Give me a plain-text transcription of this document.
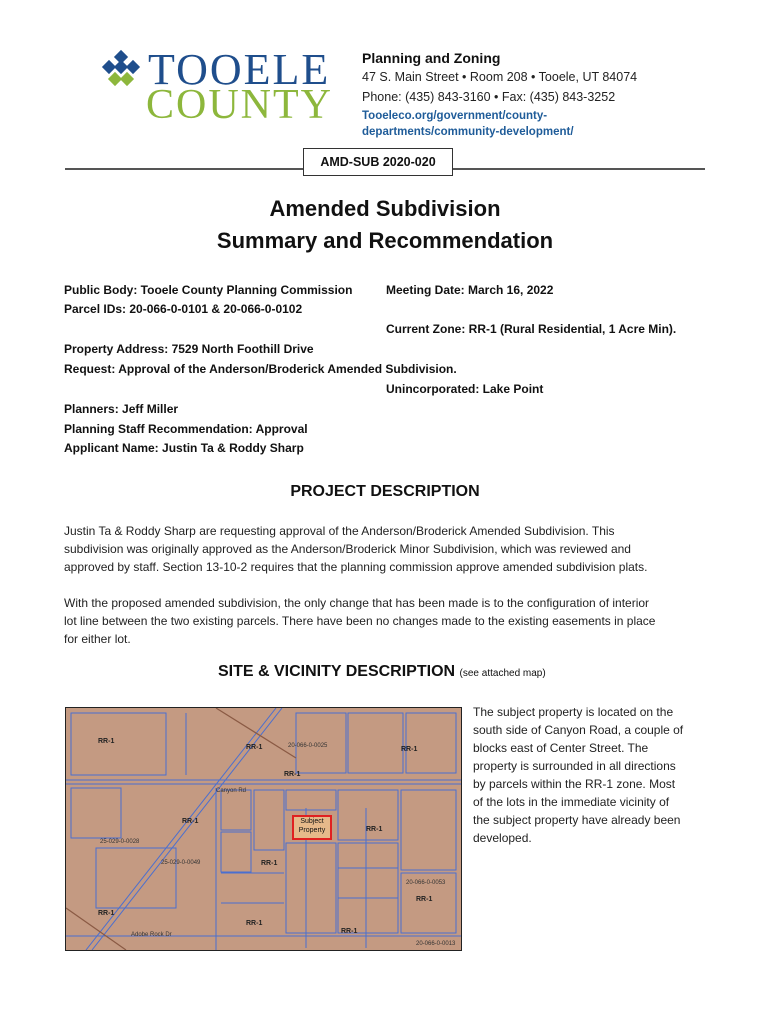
TOOELE
COUNTY
Planning and Zoning
47 S. Main Street • Room 208 • Tooele, UT 84074
Phone: (435) 843-3160 • Fax: (435) 843-3252
Tooeleco.org/government/county-
departments/community-development/
AMD-SUB 2020-020
Amended Subdivision
Summary and Recommendation
Public Body: Tooele County Planning Commission	Meeting Date: March 16, 2022
Parcel IDs: 20-066-0-0101 & 20-066-0-0102
Current Zone: RR-1 (Rural Residential, 1 Acre Min).
Property Address: 7529 North Foothill Drive
Request: Approval of the Anderson/Broderick Amended Subdivision.
Unincorporated: Lake Point
Planners: Jeff Miller
Planning Staff Recommendation: Approval
Applicant Name: Justin Ta & Roddy Sharp
PROJECT DESCRIPTION
Justin Ta & Roddy Sharp are requesting approval of the Anderson/Broderick Amended Subdivision. This
subdivision was originally approved as the Anderson/Broderick Minor Subdivision, which was reviewed and
approved by staff. Section 13-10-2 requires that the planning commission approve amended subdivision plats.
With the proposed amended subdivision, the only change that has been made is to the configuration of interior
lot line between the two existing parcels. There have been no changes made to the existing easements in place
for either lot.
SITE & VICINITY DESCRIPTION (see attached map)
The subject property is located on the
south side of Canyon Road, a couple of
blocks east of Center Street. The
property is surrounded in all directions
by parcels within the RR-1 zone. Most
of the lots in the immediate vicinity of
the subject property have already been
developed.
RR-1
RR-1	RR-1
RR-1
RR-1
RR-1
RR-1
RR-1
RR-1
RR-1
RR-1
Canyon Rd
Adobe Rock Dr
20-066-0-0025
25-029-0-0028
25-029-0-0049
20-066-0-0053
20-066-0-0013
Subject
Property
